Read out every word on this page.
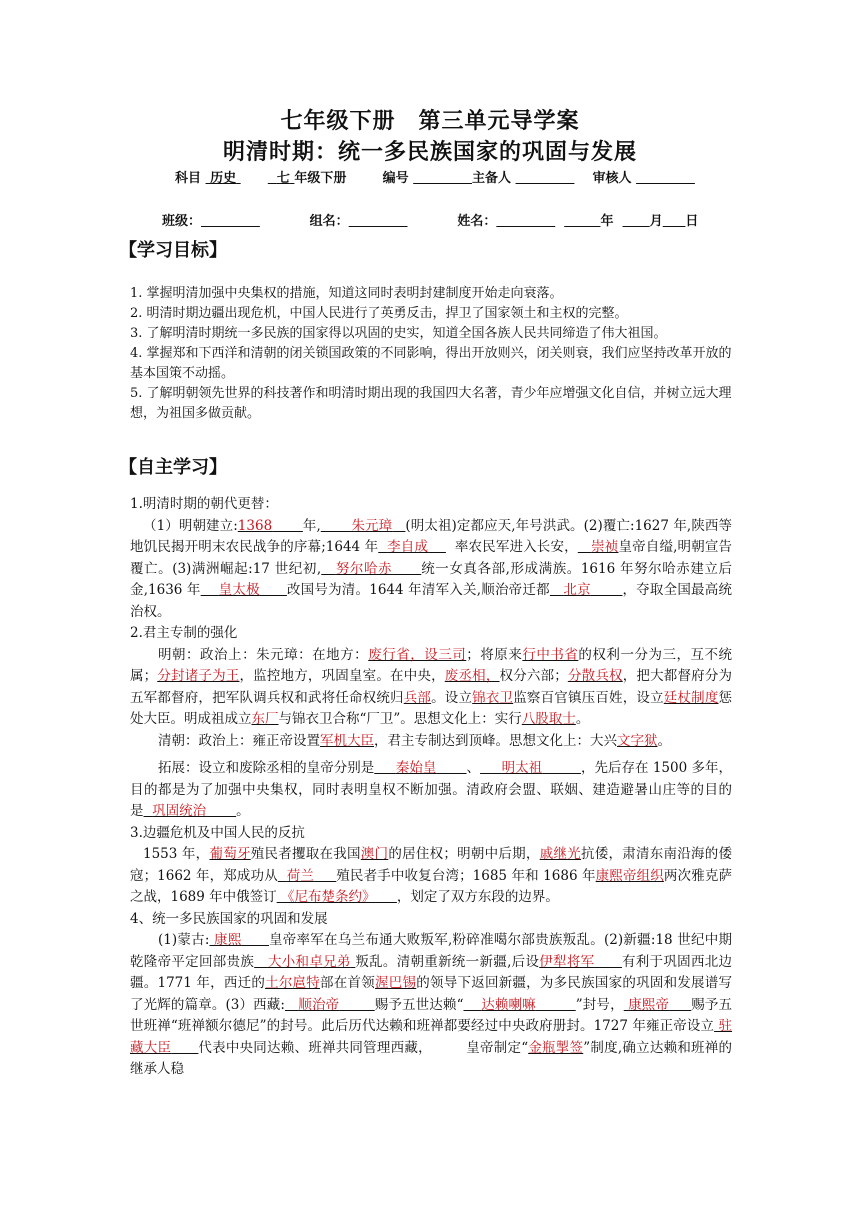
七年级下册　第三单元导学案
明清时期：统一多民族国家的巩固与发展
科目 历史	七 年级下册	编号	主备人	审核人
班级：	组名：	姓名：	年	月 日
【学习目标】

1. 掌握明清加强中央集权的措施，知道这同时表明封建制度开始走向衰落。

2. 明清时期边疆出现危机，中国人民进行了英勇反击，捍卫了国家领土和主权的完整。

3. 了解明清时期统一多民族的国家得以巩固的史实，知道全国各族人民共同缔造了伟大祖国。

4. 掌握郑和下西洋和清朝的闭关锁国政策的不同影响，得出开放则兴，闭关则衰，我们应坚持改革开放的基本国策不动摇。

5. 了解明朝领先世界的科技著作和明清时期出现的我国四大名著，青少年应增强文化自信，并树立远大理想，为祖国多做贡献。

【自主学习】

1.明清时期的朝代更替：

（1）明朝建立:1368 年, 朱元璋 (明太祖)定都应天,年号洪武。(2)覆亡:1627 年,陕西等地饥民揭开明末农民战争的序幕;1644 年 李自成 率农民军进入长安， 崇祯皇帝自缢,明朝宣告覆亡。(3)满洲崛起:17 世纪初, 努尔哈赤 统一女真各部,形成满族。1616 年努尔哈赤建立后金,1636 年 皇太极 改国号为清。1644 年清军入关,顺治帝迁都 北京 ，夺取全国最高统治权。

2.君主专制的强化

明朝：政治上：朱元璋：在地方：废行省，设三司；将原来行中书省的权利一分为三，互不统属；分封诸子为王，监控地方，巩固皇室。在中央，废丞相，权分六部；分散兵权，把大都督府分为五军都督府，把军队调兵权和武将任命权统归兵部。设立锦衣卫监察百官镇压百姓，设立廷杖制度惩处大臣。明成祖成立东厂与锦衣卫合称“厂卫”。思想文化上：实行八股取士。

清朝：政治上：雍正帝设置军机大臣，君主专制达到顶峰。思想文化上：大兴文字狱。

拓展：设立和废除丞相的皇帝分别是 秦始皇 、 明太祖	，先后存在 1500 多年，目的都是为了加强中央集权，同时表明皇权不断加强。清政府会盟、联姻、建造避暑山庄等的目的是 巩固统治 。

3.边疆危机及中国人民的反抗

1553 年，葡萄牙殖民者攫取在我国澳门的居住权；明朝中后期，戚继光抗倭，肃清东南沿海的倭寇；1662 年，郑成功从 荷兰 殖民者手中收复台湾；1685 年和 1686 年康熙帝组织两次雅克萨之战，1689 年中俄签订 《尼布楚条约》 ，划定了双方东段的边界。

4、统一多民族国家的巩固和发展

(1)蒙古: 康熙 皇帝率军在乌兰布通大败叛军,粉碎准噶尔部贵族叛乱。(2)新疆:18 世纪中期乾隆帝平定回部贵族 大小和卓兄弟 叛乱。清朝重新统一新疆,后设伊犁将军 有利于巩固西北边疆。1771 年，西迁的土尔扈特部在首领渥巴锡的领导下返回新疆，为多民族国家的巩固和发展谱写了光辉的篇章。(3）西藏: 顺治帝	赐予五世达赖“ 达赖喇嘛	”封号， 康熙帝 赐予五世班禅“班禅额尔德尼”的封号。此后历代达赖和班禅都要经过中央政府册封。1727 年雍正帝设立 驻藏大臣 代表中央同达赖、班禅共同管理西藏，　　　皇帝制定“金瓶掣签”制度,确立达赖和班禅的继承人稳
